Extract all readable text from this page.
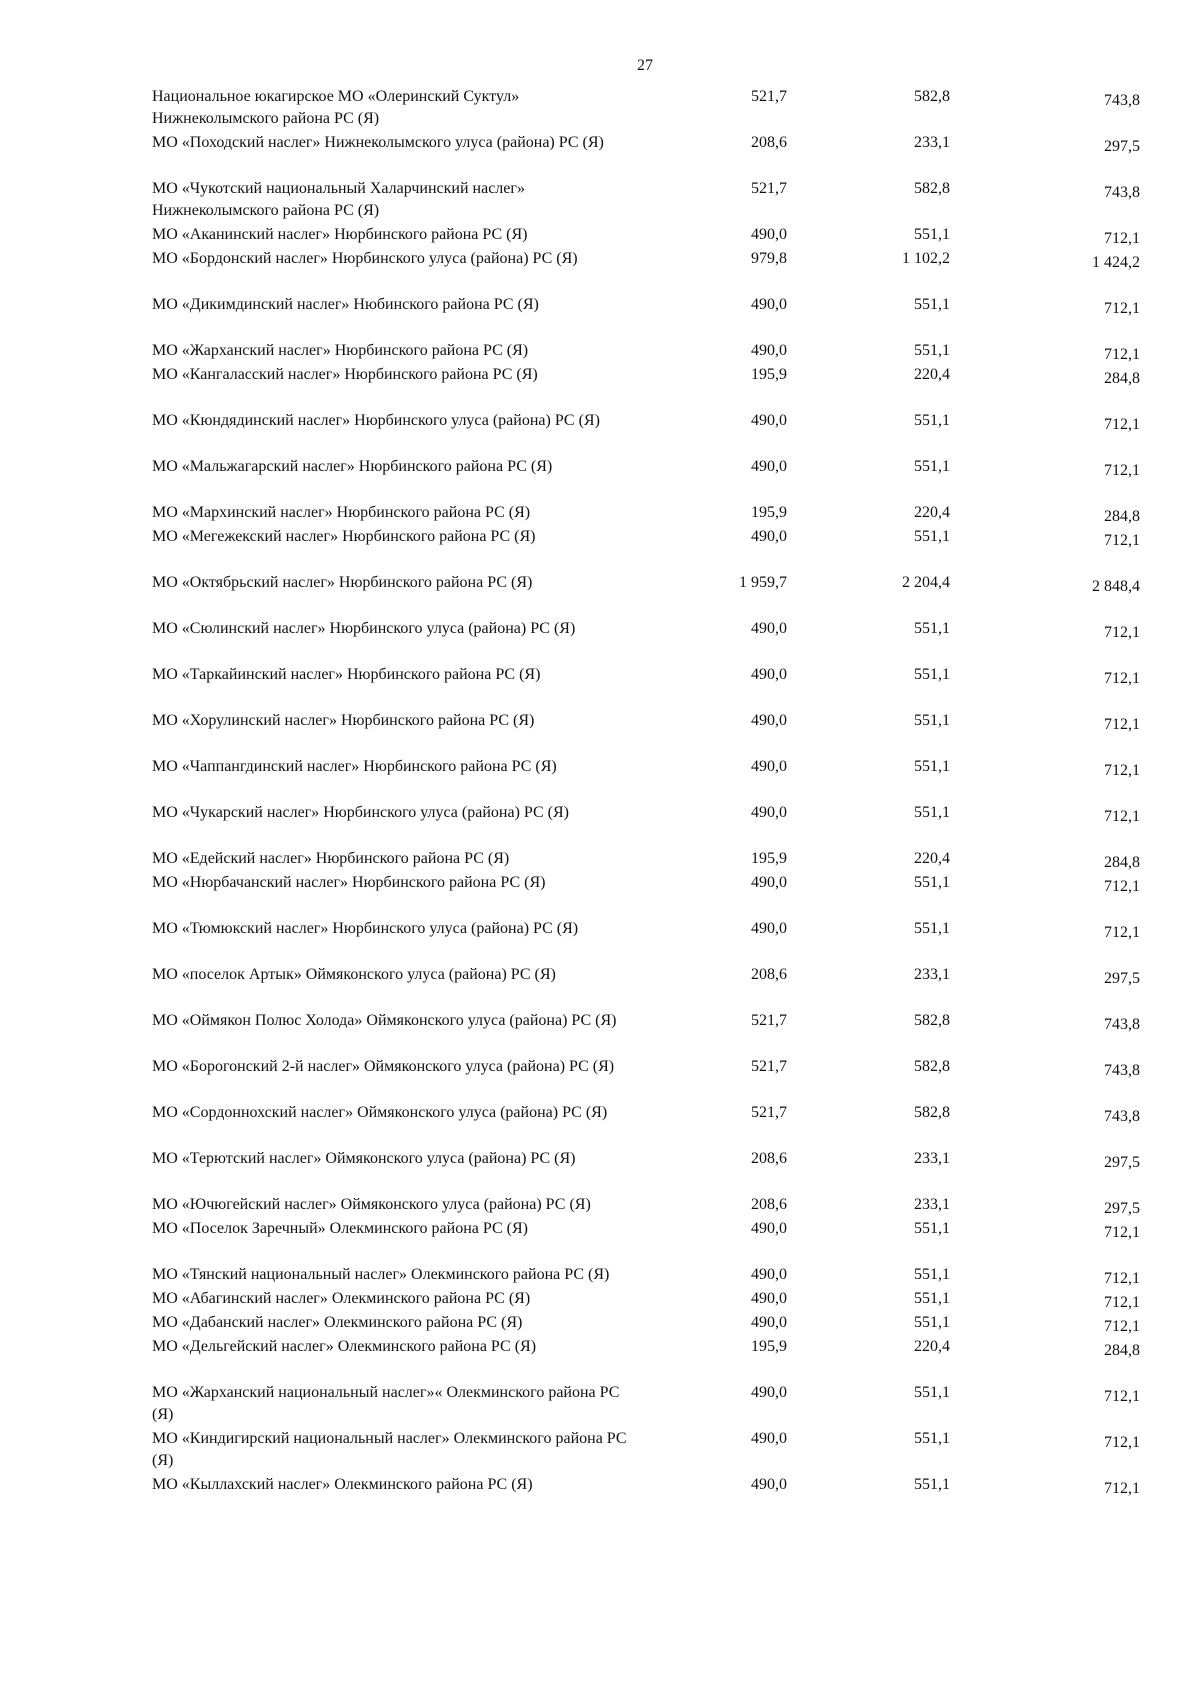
27
Национальное юкагирское МО «Олеринский Суктул» Нижнеколымского района РС (Я)
521,7	582,8	743,8
МО «Походский наслег» Нижнеколымского улуса (района) РС (Я)	208,6	233,1	297,5
МО «Чукотский национальный Халарчинский наслег» Нижнеколымского района РС (Я)
521,7	582,8	743,8
МО «Аканинский наслег» Нюрбинского района РС (Я)	490,0	551,1	712,1
МО «Бордонский наслег» Нюрбинского улуса (района) РС (Я)	979,8	1 102,2	1 424,2
МО «Дикимдинский наслег» Нюбинского района РС (Я)	490,0	551,1	712,1
МО «Жарханский наслег» Нюрбинского района РС (Я)	490,0	551,1	712,1
МО «Кангаласский наслег» Нюрбинского района РС (Я)	195,9	220,4	284,8
МО «Кюндядинский наслег» Нюрбинского улуса (района) РС (Я)	490,0	551,1	712,1
МО «Мальжагарский наслег» Нюрбинского района РС (Я)	490,0	551,1	712,1
МО «Мархинский наслег» Нюрбинского района РС (Я)	195,9	220,4	284,8
МО «Мегежекский наслег» Нюрбинского района РС (Я)	490,0	551,1	712,1
МО «Октябрьский наслег» Нюрбинского района РС (Я)	1 959,7	2 204,4	2 848,4
МО «Сюлинский наслег» Нюрбинского улуса (района) РС (Я)	490,0	551,1	712,1
МО «Таркайинский наслег» Нюрбинского района РС (Я)	490,0	551,1	712,1
МО «Хорулинский наслег» Нюрбинского района РС (Я)	490,0	551,1	712,1
МО «Чаппангдинский наслег» Нюрбинского района РС (Я)	490,0	551,1	712,1
МО «Чукарский наслег» Нюрбинского улуса (района) РС (Я)	490,0	551,1	712,1
МО «Едейский наслег» Нюрбинского района РС (Я)	195,9	220,4	284,8
МО «Нюрбачанский наслег» Нюрбинского района РС (Я)	490,0	551,1	712,1
МО «Тюмюкский наслег» Нюрбинского улуса (района) РС (Я)	490,0	551,1	712,1
МО «поселок Артык» Оймяконского улуса (района) РС (Я)	208,6	233,1	297,5
МО «Оймякон Полюс Холода» Оймяконского улуса (района) РС (Я)	521,7	582,8	743,8
МО «Борогонский 2-й наслег» Оймяконского улуса (района) РС (Я)	521,7	582,8	743,8
МО «Сордоннохский наслег» Оймяконского улуса (района) РС (Я)	521,7	582,8	743,8
МО «Терютский наслег» Оймяконского улуса (района) РС (Я)	208,6	233,1	297,5
МО «Ючюгейский наслег» Оймяконского улуса (района) РС (Я)	208,6	233,1	297,5
МО «Поселок Заречный» Олекминского района РС (Я)	490,0	551,1	712,1
МО «Тянский национальный наслег» Олекминского района РС (Я)	490,0	551,1	712,1
МО «Абагинский наслег» Олекминского района РС (Я)	490,0	551,1	712,1
МО «Дабанский наслег» Олекминского района РС (Я)	490,0	551,1	712,1
МО «Дельгейский наслег» Олекминского района РС (Я)	195,9	220,4	284,8
МО «Жарханский национальный наслег»« Олекминского района РС (Я)
490,0	551,1	712,1
МО «Киндигирский национальный наслег» Олекминского района РС (Я)
490,0	551,1	712,1
МО «Кыллахский наслег» Олекминского района РС (Я)	490,0	551,1	712,1
